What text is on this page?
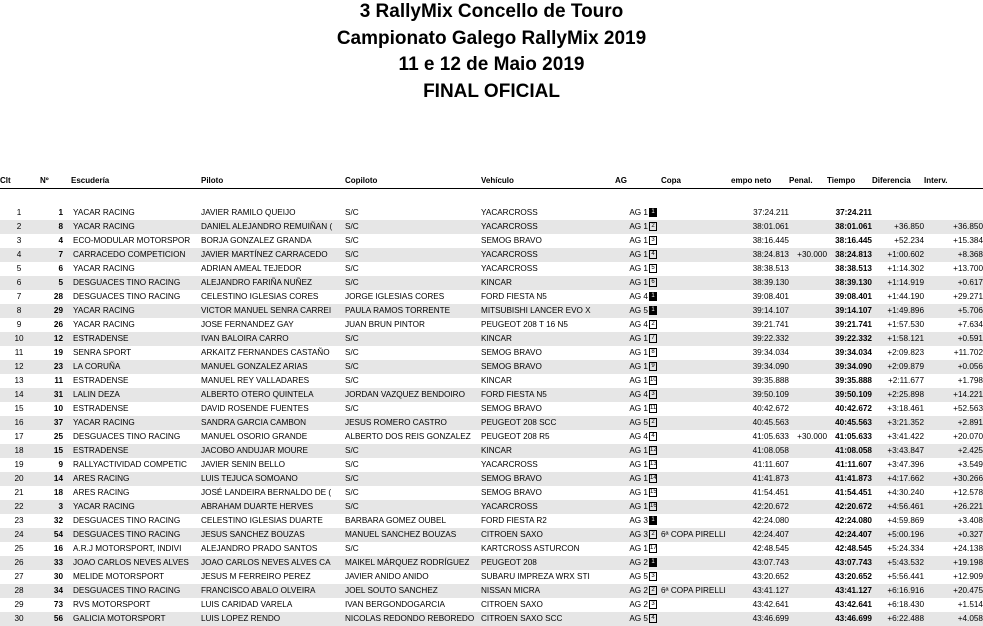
3 RallyMix Concello de Touro
Campionato Galego RallyMix 2019
11 e 12 de Maio 2019
FINAL OFICIAL
Clt	Nº	Escudería	Piloto	Copiloto	Vehículo	AG	Copa	empo neto	Penal.	Tiempo	Diferencia	Interv.

1	1	YACAR RACING	JAVIER RAMILO QUEIJO	S/C	YACARCROSS	AG 1 1		37:24.211		37:24.211		
2	8	YACAR RACING	DANIEL ALEJANDRO REMUIÑAN (	S/C	YACARCROSS	AG 1 2		38:01.061		38:01.061	+36.850	+36.850
3	4	ECO-MODULAR MOTORSPOR	BORJA GONZALEZ GRANDA	S/C	SEMOG BRAVO	AG 1 3		38:16.445		38:16.445	+52.234	+15.384
4	7	CARRACEDO COMPETICION	JAVIER MARTÍNEZ CARRACEDO	S/C	YACARCROSS	AG 1 4		38:24.813	+30.000	38:24.813	+1:00.602	+8.368
5	6	YACAR RACING	ADRIAN AMEAL TEJEDOR	S/C	YACARCROSS	AG 1 5		38:38.513		38:38.513	+1:14.302	+13.700
6	5	DESGUACES TINO RACING	ALEJANDRO FARIÑA NUÑEZ	S/C	KINCAR	AG 1 6		38:39.130		38:39.130	+1:14.919	+0.617
7	28	DESGUACES TINO RACING	CELESTINO IGLESIAS CORES	JORGE IGLESIAS CORES	FORD FIESTA N5	AG 4 1		39:08.401		39:08.401	+1:44.190	+29.271
8	29	YACAR RACING	VICTOR MANUEL SENRA CARREI	PAULA RAMOS TORRENTE	MITSUBISHI LANCER EVO X	AG 5 1		39:14.107		39:14.107	+1:49.896	+5.706
9	26	YACAR RACING	JOSE FERNANDEZ GAY	JUAN BRUN PINTOR	PEUGEOT 208 T 16 N5	AG 4 2		39:21.741		39:21.741	+1:57.530	+7.634
10	12	ESTRADENSE	IVAN BALOIRA CARRO	S/C	KINCAR	AG 1 7		39:22.332		39:22.332	+1:58.121	+0.591
11	19	SENRA SPORT	ARKAITZ FERNANDES CASTAÑO	S/C	SEMOG BRAVO	AG 1 8		39:34.034		39:34.034	+2:09.823	+11.702
12	23	LA CORUÑA	MANUEL GONZALEZ ARIAS	S/C	SEMOG BRAVO	AG 1 9		39:34.090		39:34.090	+2:09.879	+0.056
13	11	ESTRADENSE	MANUEL REY VALLADARES	S/C	KINCAR	AG 1 10		39:35.888		39:35.888	+2:11.677	+1.798
14	31	LALIN DEZA	ALBERTO OTERO QUINTELA	JORDAN VAZQUEZ BENDOIRO	FORD FIESTA N5	AG 4 3		39:50.109		39:50.109	+2:25.898	+14.221
15	10	ESTRADENSE	DAVID ROSENDE FUENTES	S/C	SEMOG BRAVO	AG 1 11		40:42.672		40:42.672	+3:18.461	+52.563
16	37	YACAR RACING	SANDRA GARCIA CAMBON	JESUS ROMERO CASTRO	PEUGEOT 208 SCC	AG 5 2		40:45.563		40:45.563	+3:21.352	+2.891
17	25	DESGUACES TINO RACING	MANUEL OSORIO GRANDE	ALBERTO DOS REIS GONZALEZ	PEUGEOT 208 R5	AG 4 4		41:05.633	+30.000	41:05.633	+3:41.422	+20.070
18	15	ESTRADENSE	JACOBO ANDUJAR MOURE	S/C	KINCAR	AG 1 12		41:08.058		41:08.058	+3:43.847	+2.425
19	9	RALLYACTIVIDAD COMPETIC	JAVIER SENIN BELLO	S/C	YACARCROSS	AG 1 13		41:11.607		41:11.607	+3:47.396	+3.549
20	14	ARES RACING	LUIS TEJUCA SOMOANO	S/C	SEMOG BRAVO	AG 1 14		41:41.873		41:41.873	+4:17.662	+30.266
21	18	ARES RACING	JOSÉ LANDEIRA BERNALDO DE (	S/C	SEMOG BRAVO	AG 1 15		41:54.451		41:54.451	+4:30.240	+12.578
22	3	YACAR RACING	ABRAHAM DUARTE HERVES	S/C	YACARCROSS	AG 1 16		42:20.672		42:20.672	+4:56.461	+26.221
23	32	DESGUACES TINO RACING	CELESTINO IGLESIAS DUARTE	BARBARA GOMEZ OUBEL	FORD FIESTA R2	AG 3 1		42:24.080		42:24.080	+4:59.869	+3.408
24	54	DESGUACES TINO RACING	JESUS SANCHEZ BOUZAS	MANUEL SANCHEZ BOUZAS	CITROEN SAXO	AG 3 2	6ª COPA PIRELLI	42:24.407		42:24.407	+5:00.196	+0.327
25	16	A.R.J MOTORSPORT, INDIVI	ALEJANDRO PRADO SANTOS	S/C	KARTCROSS ASTURCON	AG 1 17		42:48.545		42:48.545	+5:24.334	+24.138
26	33	JOAO CARLOS NEVES ALVES	JOAO CARLOS NEVES ALVES CA	MAIKEL MÁRQUEZ RODRÍGUEZ	PEUGEOT 208	AG 2 1		43:07.743		43:07.743	+5:43.532	+19.198
27	30	MELIDE MOTORSPORT	JESUS M FERREIRO PEREZ	JAVIER ANIDO ANIDO	SUBARU IMPREZA WRX STI	AG 5 3		43:20.652		43:20.652	+5:56.441	+12.909
28	34	DESGUACES TINO RACING	FRANCISCO ABALO OLVEIRA	JOEL SOUTO SANCHEZ	NISSAN MICRA	AG 2 2	6ª COPA PIRELLI	43:41.127		43:41.127	+6:16.916	+20.475
29	73	RVS MOTORSPORT	LUIS CARIDAD VARELA	IVAN BERGONDOGARCIA	CITROEN SAXO	AG 2 3		43:42.641		43:42.641	+6:18.430	+1.514
30	56	GALICIA MOTORSPORT	LUIS LOPEZ RENDO	NICOLAS REDONDO REBOREDO	CITROEN SAXO SCC	AG 5 4		43:46.699		43:46.699	+6:22.488	+4.058
